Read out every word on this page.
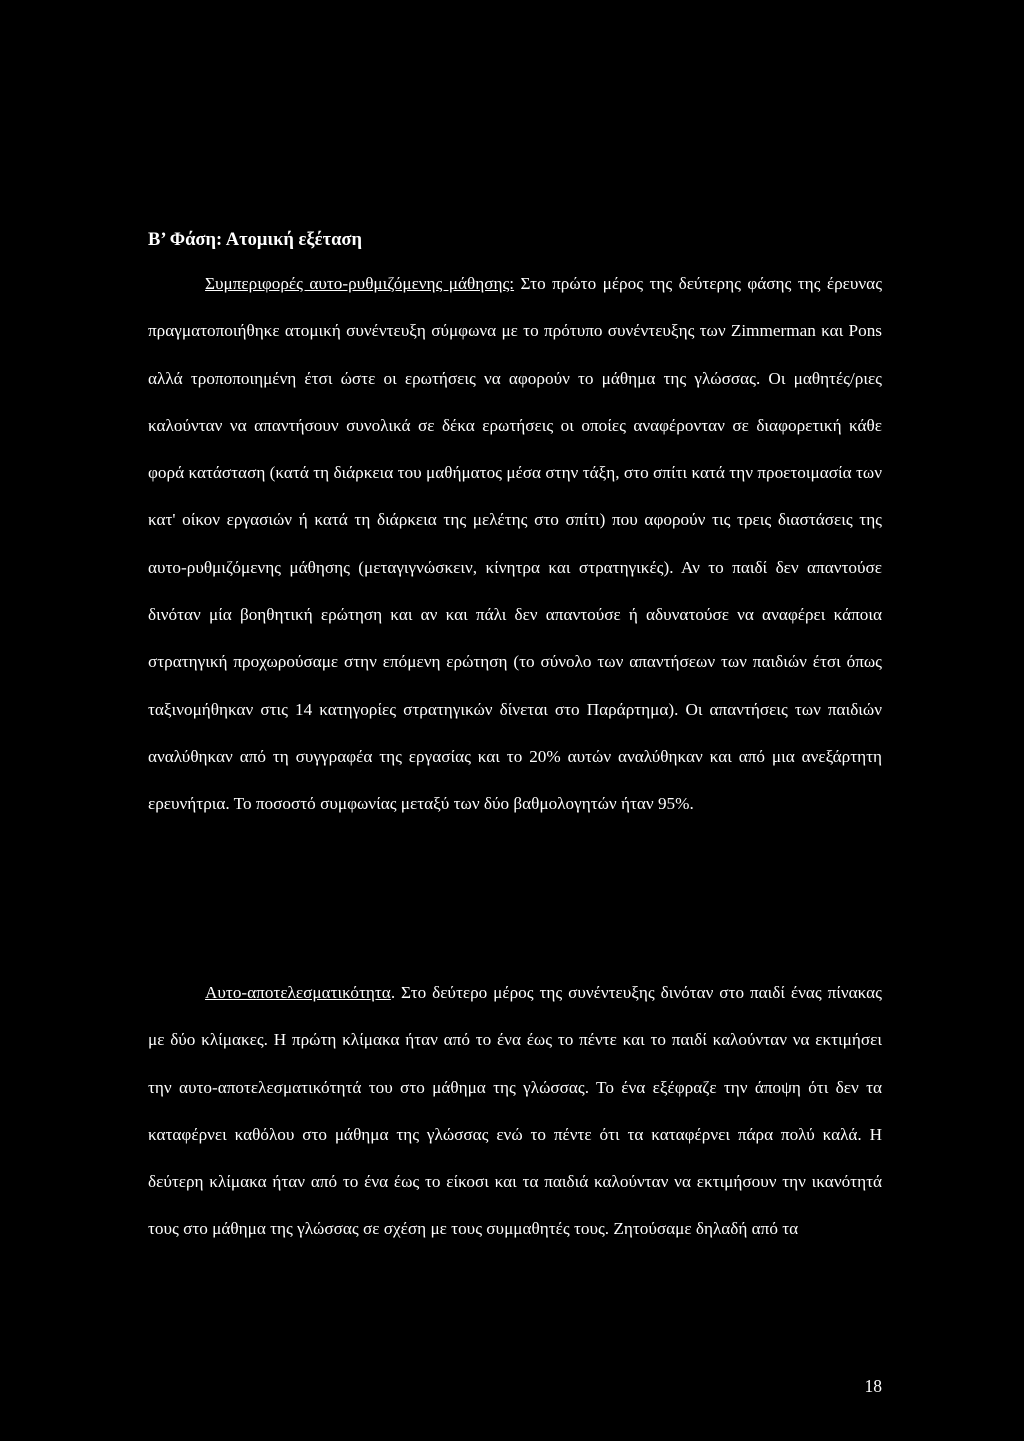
Β’ Φάση: Ατομική εξέταση

Συμπεριφορές αυτο-ρυθμιζόμενης μάθησης: Στο πρώτο μέρος της δεύτερης φάσης της έρευνας πραγματοποιήθηκε ατομική συνέντευξη σύμφωνα με το πρότυπο συνέντευξης των Zimmerman και Pons αλλά τροποποιημένη έτσι ώστε οι ερωτήσεις να αφορούν το μάθημα της γλώσσας. Οι μαθητές/ριες καλούνταν να απαντήσουν συνολικά σε δέκα ερωτήσεις οι οποίες αναφέρονταν σε διαφορετική κάθε φορά κατάσταση (κατά τη διάρκεια του μαθήματος μέσα στην τάξη, στο σπίτι κατά την προετοιμασία των κατ' οίκον εργασιών ή κατά τη διάρκεια της μελέτης στο σπίτι) που αφορούν τις τρεις διαστάσεις της αυτο-ρυθμιζόμενης μάθησης (μεταγιγνώσκειν, κίνητρα και στρατηγικές). Αν το παιδί δεν απαντούσε δινόταν μία βοηθητική ερώτηση και αν και πάλι δεν απαντούσε ή αδυνατούσε να αναφέρει κάποια στρατηγική προχωρούσαμε στην επόμενη ερώτηση (το σύνολο των απαντήσεων των παιδιών έτσι όπως ταξινομήθηκαν στις 14 κατηγορίες στρατηγικών δίνεται στο Παράρτημα). Οι απαντήσεις των παιδιών αναλύθηκαν από τη συγγραφέα της εργασίας και το 20% αυτών αναλύθηκαν και από μια ανεξάρτητη ερευνήτρια. Το ποσοστό συμφωνίας μεταξύ των δύο βαθμολογητών ήταν 95%.

Αυτο-αποτελεσματικότητα. Στο δεύτερο μέρος της συνέντευξης δινόταν στο παιδί ένας πίνακας με δύο κλίμακες. Η πρώτη κλίμακα ήταν από το ένα έως το πέντε και το παιδί καλούνταν να εκτιμήσει την αυτο-αποτελεσματικότητά του στο μάθημα της γλώσσας. Το ένα εξέφραζε την άποψη ότι δεν τα καταφέρνει καθόλου στο μάθημα της γλώσσας ενώ το πέντε ότι τα καταφέρνει πάρα πολύ καλά. Η δεύτερη κλίμακα ήταν από το ένα έως το είκοσι και τα παιδιά καλούνταν να εκτιμήσουν την ικανότητά τους στο μάθημα της γλώσσας σε σχέση με τους συμμαθητές τους. Ζητούσαμε δηλαδή από τα

18
